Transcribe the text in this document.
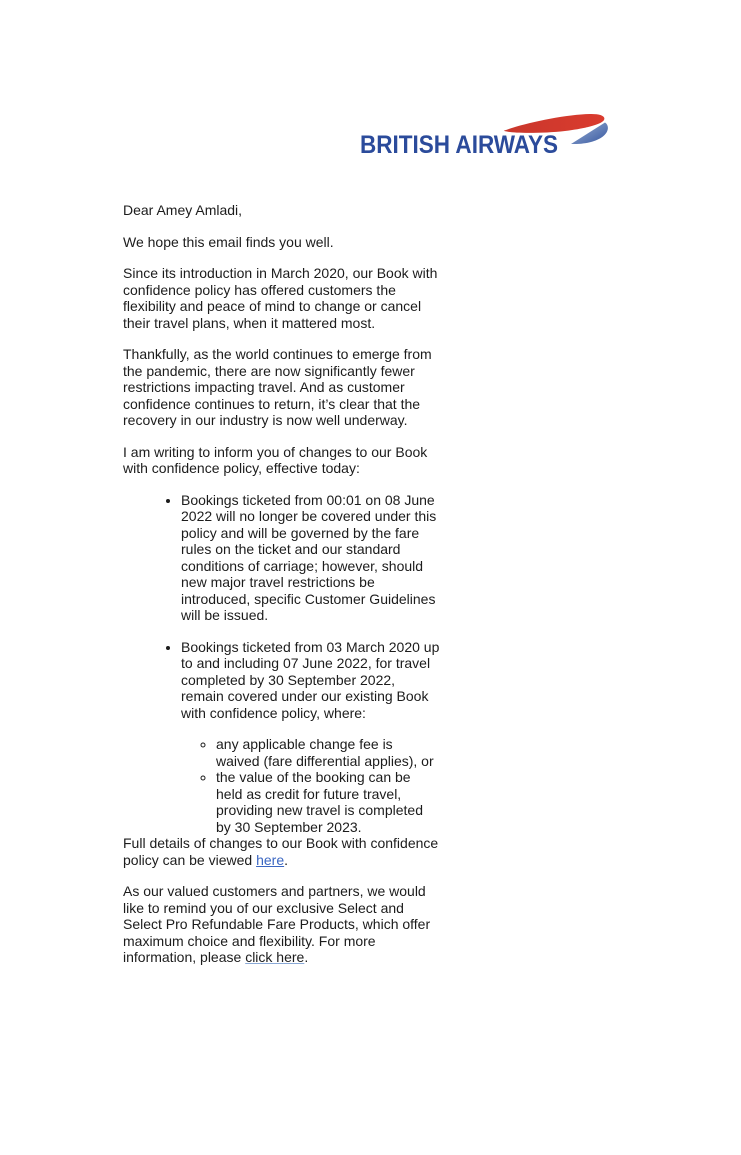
BRITISH AIRWAYS

Dear Amey Amladi,

We hope this email finds you well.

Since its introduction in March 2020, our Book with confidence policy has offered customers the flexibility and peace of mind to change or cancel their travel plans, when it mattered most.

Thankfully, as the world continues to emerge from the pandemic, there are now significantly fewer restrictions impacting travel. And as customer confidence continues to return, it’s clear that the recovery in our industry is now well underway.

I am writing to inform you of changes to our Book with confidence policy, effective today:

• Bookings ticketed from 00:01 on 08 June 2022 will no longer be covered under this policy and will be governed by the fare rules on the ticket and our standard conditions of carriage; however, should new major travel restrictions be introduced, specific Customer Guidelines will be issued.
• Bookings ticketed from 03 March 2020 up to and including 07 June 2022, for travel completed by 30 September 2022, remain covered under our existing Book with confidence policy, where:
◦ any applicable change fee is waived (fare differential applies), or
◦ the value of the booking can be held as credit for future travel, providing new travel is completed by 30 September 2023.

Full details of changes to our Book with confidence policy can be viewed here.

As our valued customers and partners, we would like to remind you of our exclusive Select and Select Pro Refundable Fare Products, which offer maximum choice and flexibility. For more information, please click here.
